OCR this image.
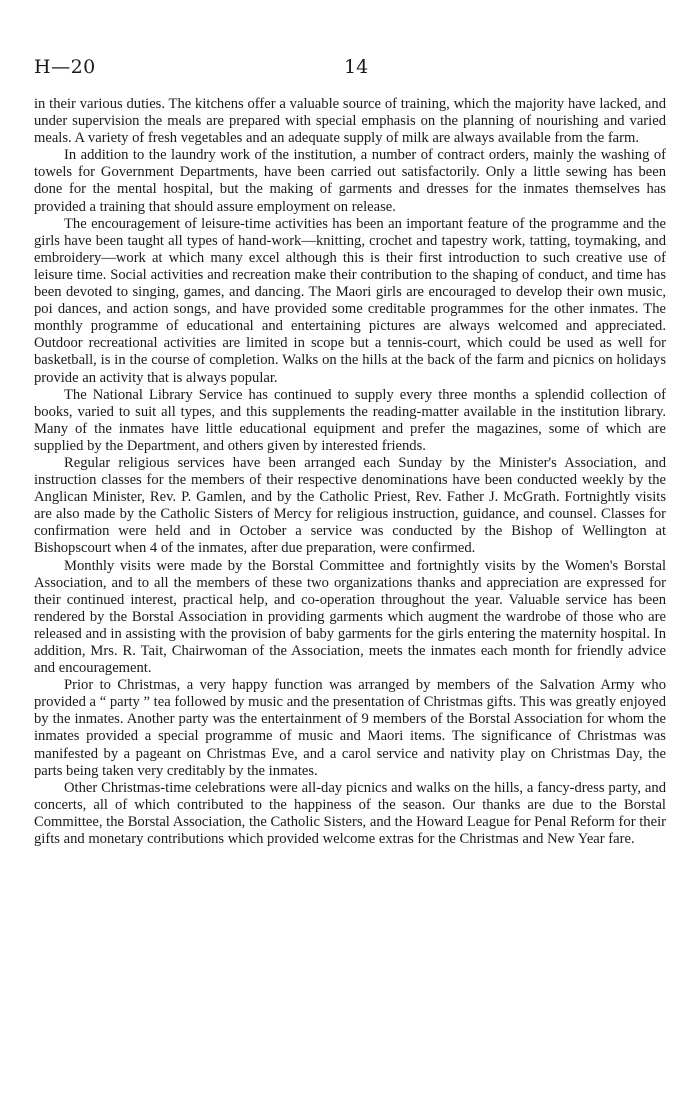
H—20	14

in their various duties. The kitchens offer a valuable source of training, which the majority have lacked, and under supervision the meals are prepared with special emphasis on the planning of nourishing and varied meals. A variety of fresh vegetables and an adequate supply of milk are always available from the farm.

In addition to the laundry work of the institution, a number of contract orders, mainly the washing of towels for Government Departments, have been carried out satisfactorily. Only a little sewing has been done for the mental hospital, but the making of garments and dresses for the inmates themselves has provided a training that should assure employment on release.

The encouragement of leisure-time activities has been an important feature of the programme and the girls have been taught all types of hand-work—knitting, crochet and tapestry work, tatting, toymaking, and embroidery—work at which many excel although this is their first introduction to such creative use of leisure time. Social activities and recreation make their contribution to the shaping of conduct, and time has been devoted to singing, games, and dancing. The Maori girls are encouraged to develop their own music, poi dances, and action songs, and have provided some creditable programmes for the other inmates. The monthly programme of educational and entertaining pictures are always welcomed and appreciated. Outdoor recreational activities are limited in scope but a tennis-court, which could be used as well for basketball, is in the course of completion. Walks on the hills at the back of the farm and picnics on holidays provide an activity that is always popular.

The National Library Service has continued to supply every three months a splendid collection of books, varied to suit all types, and this supplements the reading-matter available in the institution library. Many of the inmates have little educational equipment and prefer the magazines, some of which are supplied by the Department, and others given by interested friends.

Regular religious services have been arranged each Sunday by the Minister's Association, and instruction classes for the members of their respective denominations have been conducted weekly by the Anglican Minister, Rev. P. Gamlen, and by the Catholic Priest, Rev. Father J. McGrath. Fortnightly visits are also made by the Catholic Sisters of Mercy for religious instruction, guidance, and counsel. Classes for confirmation were held and in October a service was conducted by the Bishop of Wellington at Bishopscourt when 4 of the inmates, after due preparation, were confirmed.

Monthly visits were made by the Borstal Committee and fortnightly visits by the Women's Borstal Association, and to all the members of these two organizations thanks and appreciation are expressed for their continued interest, practical help, and co-operation throughout the year. Valuable service has been rendered by the Borstal Association in providing garments which augment the wardrobe of those who are released and in assisting with the provision of baby garments for the girls entering the maternity hospital. In addition, Mrs. R. Tait, Chairwoman of the Association, meets the inmates each month for friendly advice and encouragement.

Prior to Christmas, a very happy function was arranged by members of the Salvation Army who provided a “ party ” tea followed by music and the presentation of Christmas gifts. This was greatly enjoyed by the inmates. Another party was the entertainment of 9 members of the Borstal Association for whom the inmates provided a special programme of music and Maori items. The significance of Christmas was manifested by a pageant on Christmas Eve, and a carol service and nativity play on Christmas Day, the parts being taken very creditably by the inmates.

Other Christmas-time celebrations were all-day picnics and walks on the hills, a fancy-dress party, and concerts, all of which contributed to the happiness of the season. Our thanks are due to the Borstal Committee, the Borstal Association, the Catholic Sisters, and the Howard League for Penal Reform for their gifts and monetary contributions which provided welcome extras for the Christmas and New Year fare.
